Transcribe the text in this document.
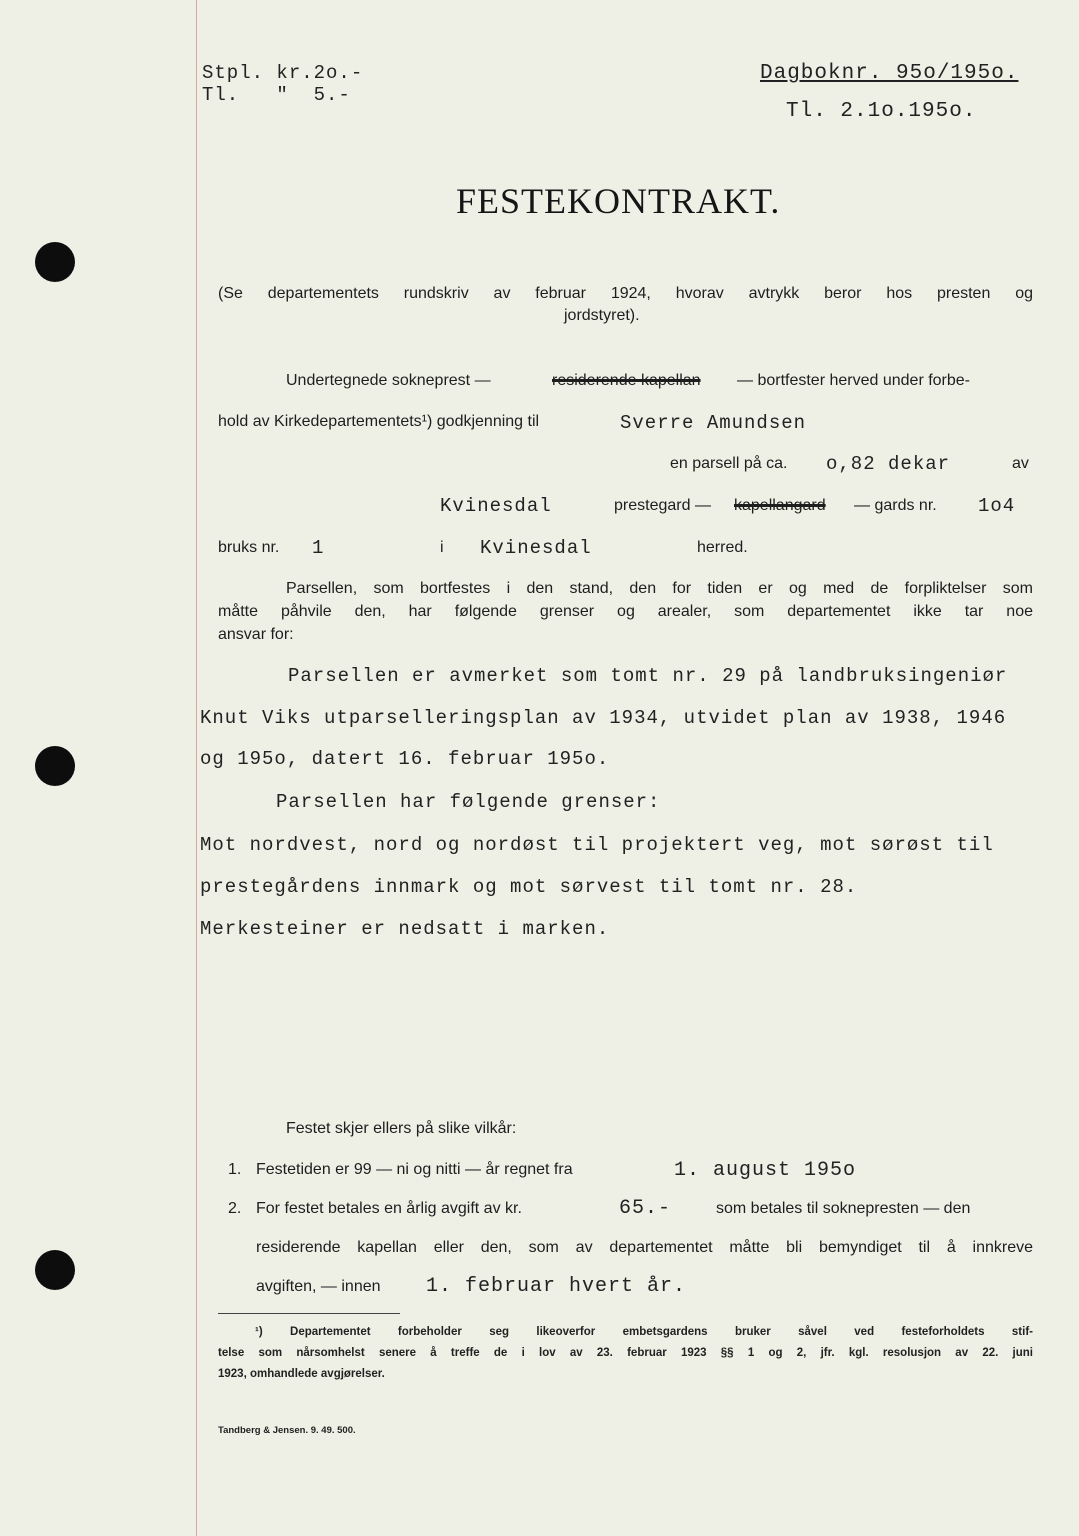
Stpl. kr.2o.-
Tl.   "  5.-
Dagboknr. 95o/195o.
Tl. 2.1o.195o.
FESTEKONTRAKT.
(Se departementets rundskriv av februar 1924, hvorav avtrykk beror hos presten og
jordstyret).
Undertegnede sokneprest —	residerende kapellan — bortfester herved under forbe-
hold av Kirkedepartementets¹) godkjenning til	Sverre Amundsen
en parsell på ca. o,82 dekar	av
Kvinesdal	prestegard — kapellangard — gards nr. 1o4
bruks nr. 1	i Kvinesdal	herred.
Parsellen, som bortfestes i den stand, den for tiden er og med de forpliktelser som
måtte påhvile den, har følgende grenser og arealer, som departementet ikke tar noe
ansvar for:
Parsellen er avmerket som tomt nr. 29 på landbruksingeniør
Knut Viks utparselleringsplan av 1934, utvidet plan av 1938, 1946
og 195o, datert 16. februar 195o.
Parsellen har følgende grenser:
Mot nordvest, nord og nordøst til projektert veg, mot sørøst til
prestegårdens innmark og mot sørvest til tomt nr. 28.
Merkesteiner er nedsatt i marken.
Festet skjer ellers på slike vilkår:
1. Festetiden er 99 — ni og nitti — år regnet fra	1. august 195o
2. For festet betales en årlig avgift av kr.	65.-	som betales til soknepresten — den
residerende kapellan eller den, som av departementet måtte bli bemyndiget til å innkreve
avgiften, — innen 1. februar hvert år.
¹) Departementet forbeholder seg likeoverfor embetsgardens bruker såvel ved festeforholdets stif-
telse som nårsomhelst senere å treffe de i lov av 23. februar 1923 §§ 1 og 2, jfr. kgl. resolusjon av 22. juni
1923, omhandlede avgjørelser.
Tandberg & Jensen. 9. 49. 500.
